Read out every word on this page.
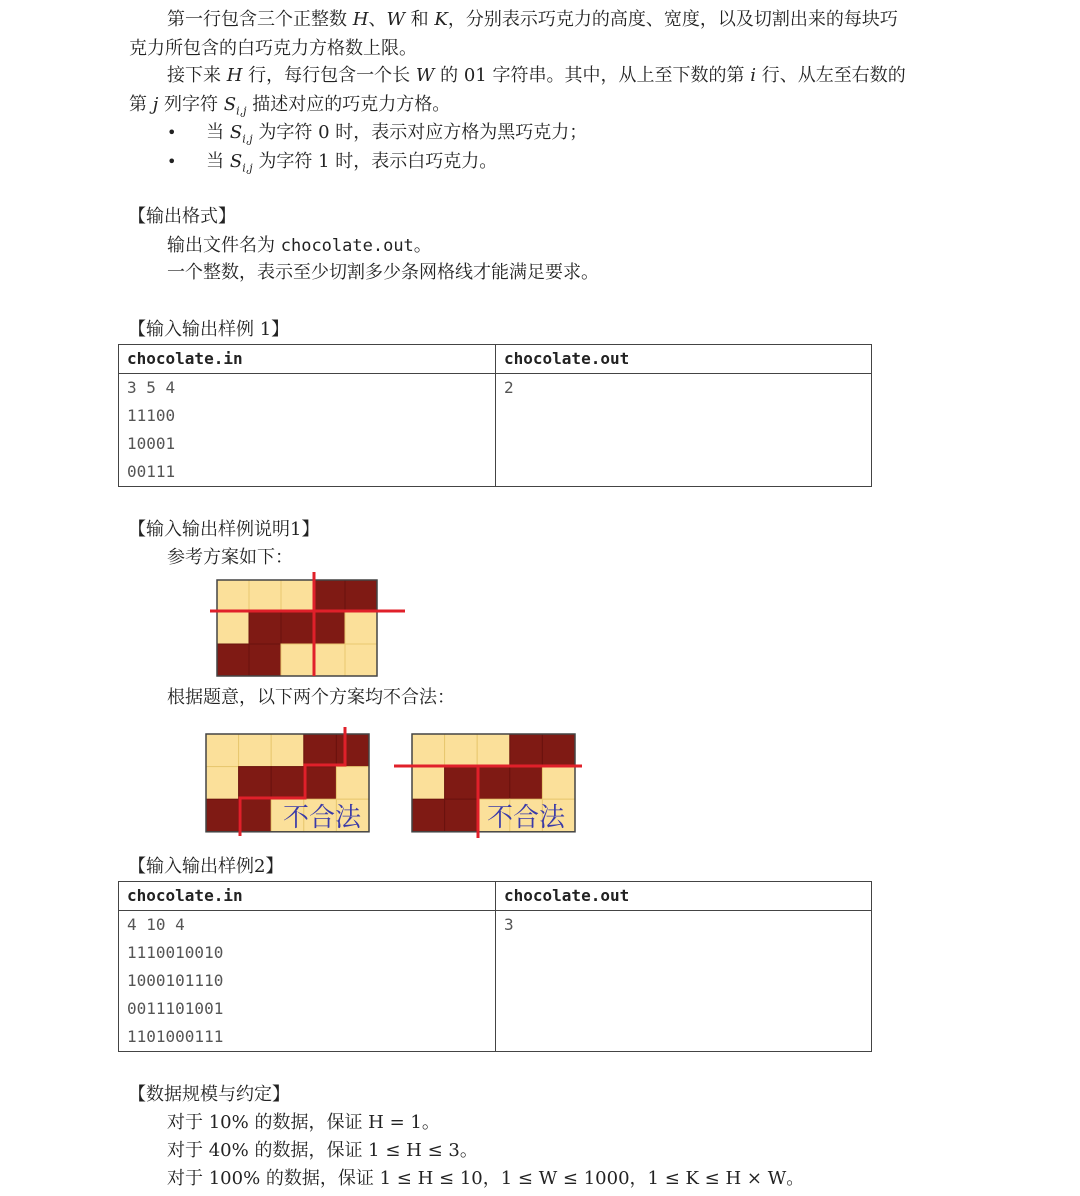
第一行包含三个正整数 H、W 和 K，分别表示巧克力的高度、宽度，以及切割出来的每块巧
克力所包含的白巧克力方格数上限。
接下来 H 行，每行包含一个长 W 的 01 字符串。其中，从上至下数的第 i 行、从左至右数的
第 j 列字符 $S_{i,j}$ 描述对应的巧克力方格。
• 当 $S_{i,j}$ 为字符 0 时，表示对应方格为黑巧克力；
• 当 $S_{i,j}$ 为字符 1 时，表示白巧克力。
【输出格式】
输出文件名为 chocolate.out。
一个整数，表示至少切割多少条网格线才能满足要求。
【输入输出样例 1】
chocolate.in	chocolate.out

3 5 4
11100
10001
00111	2
【输入输出样例说明1】
参考方案如下：
根据题意，以下两个方案均不合法：
不合法	不合法
【输入输出样例2】
chocolate.in	chocolate.out

4 10 4
1110010010
1000101110
0011101001
1101000111	3
【数据规模与约定】
对于 10% 的数据，保证 H = 1。
对于 40% 的数据，保证 1 ≤ H ≤ 3。
对于 100% 的数据，保证 1 ≤ H ≤ 10，1 ≤ W ≤ 1000，1 ≤ K ≤ H × W。
